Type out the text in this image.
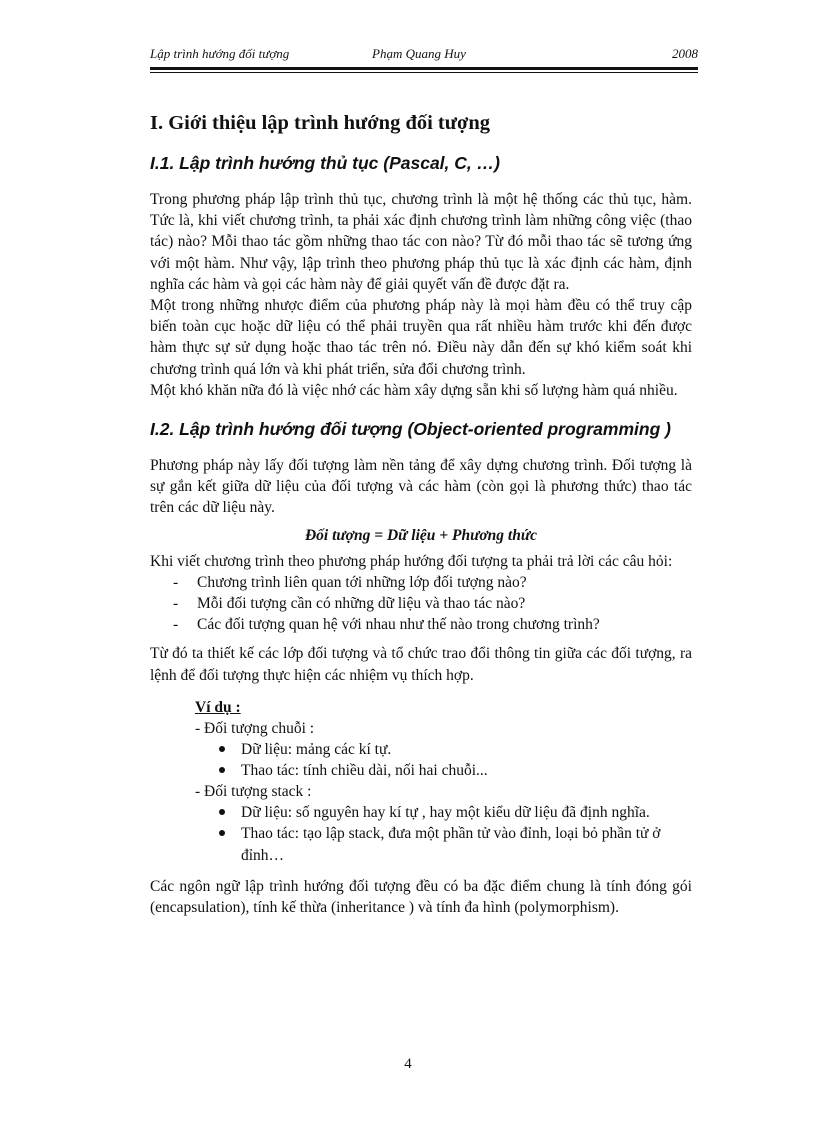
Lập trình hướng đối tượng	Phạm Quang Huy	2008
I. Giới thiệu lập trình hướng đối tượng
I.1. Lập trình hướng thủ tục (Pascal, C, …)

Trong phương pháp lập trình thủ tục, chương trình là một hệ thống các thủ tục, hàm. Tức là, khi viết chương trình, ta phải xác định chương trình làm những công việc (thao tác) nào? Mỗi thao tác gồm những thao tác con nào? Từ đó mỗi thao tác sẽ tương ứng với một hàm. Như vậy, lập trình theo phương pháp thủ tục là xác định các hàm, định nghĩa các hàm và gọi các hàm này để giải quyết vấn đề được đặt ra.

Một trong những nhược điểm của phương pháp này là mọi hàm đều có thể truy cập biến toàn cục hoặc dữ liệu có thể phải truyền qua rất nhiều hàm trước khi đến được hàm thực sự sử dụng hoặc thao tác trên nó. Điều này dẫn đến sự khó kiểm soát khi chương trình quá lớn và khi phát triển, sửa đổi chương trình.

Một khó khăn nữa đó là việc nhớ các hàm xây dựng sẵn khi số lượng hàm quá nhiều.

I.2. Lập trình hướng đối tượng (Object-oriented programming )

Phương pháp này lấy đối tượng làm nền tảng để xây dựng chương trình. Đối tượng là sự gắn kết giữa dữ liệu của đối tượng và các hàm (còn gọi là phương thức) thao tác trên các dữ liệu này.

Đối tượng = Dữ liệu + Phương thức

Khi viết chương trình theo phương pháp hướng đối tượng ta phải trả lời các câu hỏi:

- Chương trình liên quan tới những lớp đối tượng nào?
- Mỗi đối tượng cần có những dữ liệu và thao tác nào?
- Các đối tượng quan hệ với nhau như thế nào trong chương trình?

Từ đó ta thiết kế các lớp đối tượng và tổ chức trao đổi thông tin giữa các đối tượng, ra lệnh để đối tượng thực hiện các nhiệm vụ thích hợp.

Ví dụ :
- Đối tượng chuỗi :
Dữ liệu: mảng các kí tự.
Thao tác: tính chiều dài, nối hai chuỗi...
- Đối tượng stack :
Dữ liệu: số nguyên hay kí tự , hay một kiểu dữ liệu đã định nghĩa.
Thao tác: tạo lập stack, đưa một phần tử vào đỉnh, loại bỏ phần tử ở đỉnh…

Các ngôn ngữ lập trình hướng đối tượng đều có ba đặc điểm chung là tính đóng gói (encapsulation), tính kế thừa (inheritance ) và tính đa hình (polymorphism).

4
